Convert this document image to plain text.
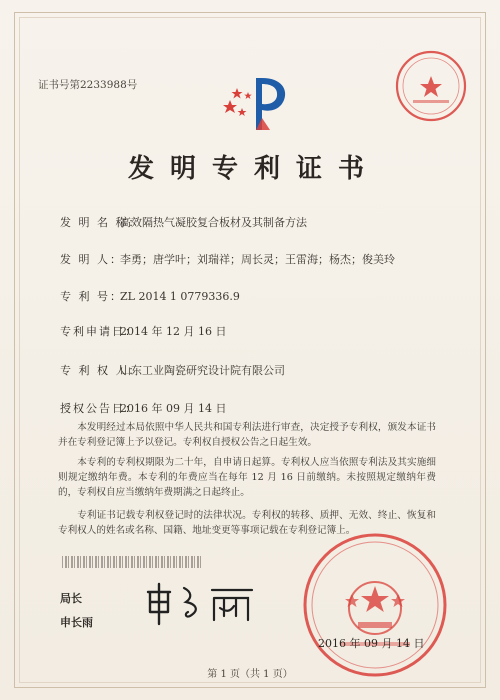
证书号第2233988号
发明专利证书
发 明 名 称：高效隔热气凝胶复合板材及其制备方法
发 明 人：李勇；唐学叶；刘瑞祥；周长灵；王雷海；杨杰；俊美玲
专 利 号：ZL 2014 1 0779336.9
专利申请日：2014 年 12 月 16 日
专 利 权 人：山东工业陶瓷研究设计院有限公司
授权公告日：2016 年 09 月 14 日
本发明经过本局依照中华人民共和国专利法进行审查，决定授予专利权，颁发本证书并在专利登记簿上予以登记。专利权自授权公告之日起生效。
本专利的专利权期限为二十年，自申请日起算。专利权人应当依照专利法及其实施细则规定缴纳年费。本专利的年费应当在每年 12 月 16 日前缴纳。未按照规定缴纳年费的，专利权自应当缴纳年费期满之日起终止。
专利证书记载专利权登记时的法律状况。专利权的转移、质押、无效、终止、恢复和专利权人的姓名或名称、国籍、地址变更等事项记载在专利登记簿上。
局长
申长雨
2016 年 09 月 14 日
第 1 页（共 1 页）
